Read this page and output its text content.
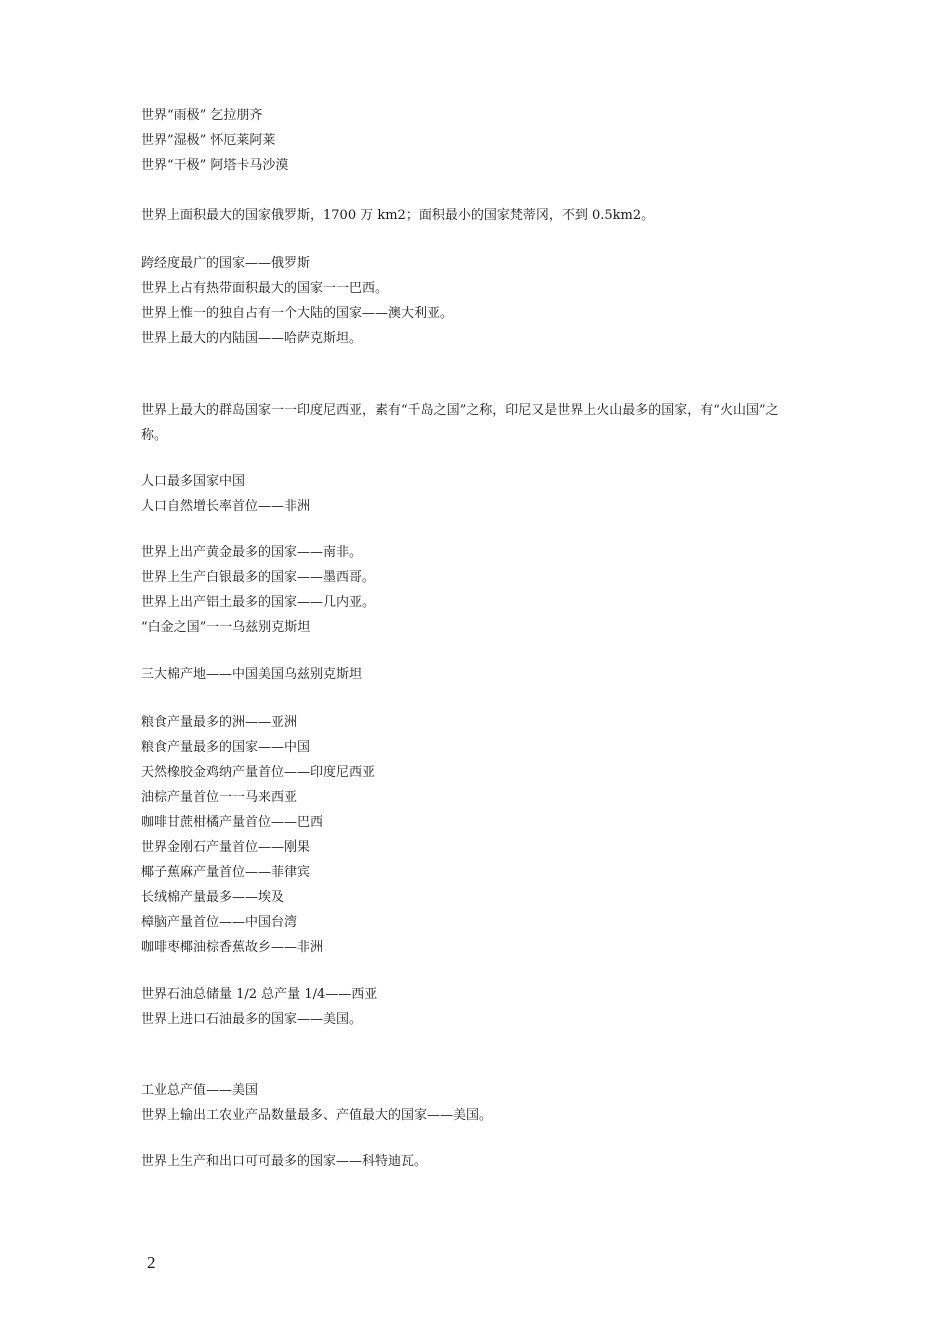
世界“雨极” 乞拉朋齐
世界”湿极” 怀厄莱阿莱
世界“干极” 阿塔卡马沙漠
世界上面积最大的国家俄罗斯，1700 万 km2；面积最小的国家梵蒂冈，不到 0.5km2。
跨经度最广的国家——俄罗斯
世界上占有热带面积最大的国家一一巴西。
世界上惟一的独自占有一个大陆的国家——澳大利亚。
世界上最大的内陆国——哈萨克斯坦。
世界上最大的群岛国家一一印度尼西亚，素有“千岛之国”之称，印尼又是世界上火山最多的国家，有“火山国”之称。
人口最多国家中国
人口自然增长率首位——非洲
世界上出产黄金最多的国家——南非。
世界上生产白银最多的国家——墨西哥。
世界上出产铝土最多的国家——几内亚。
“白金之国”一一乌兹别克斯坦
三大棉产地——中国美国乌兹别克斯坦
粮食产量最多的洲——亚洲
粮食产量最多的国家——中国
天然橡胶金鸡纳产量首位——印度尼西亚
油棕产量首位一一马来西亚
咖啡甘蔗柑橘产量首位——巴西
世界金刚石产量首位——刚果
椰子蕉麻产量首位——菲律宾
长绒棉产量最多——埃及
樟脑产量首位——中国台湾
咖啡枣椰油棕香蕉故乡——非洲
世界石油总储量 1/2 总产量 1/4——西亚
世界上进口石油最多的国家——美国。
工业总产值——美国
世界上输出工农业产品数量最多、产值最大的国家——美国。
世界上生产和出口可可最多的国家——科特迪瓦。
2
